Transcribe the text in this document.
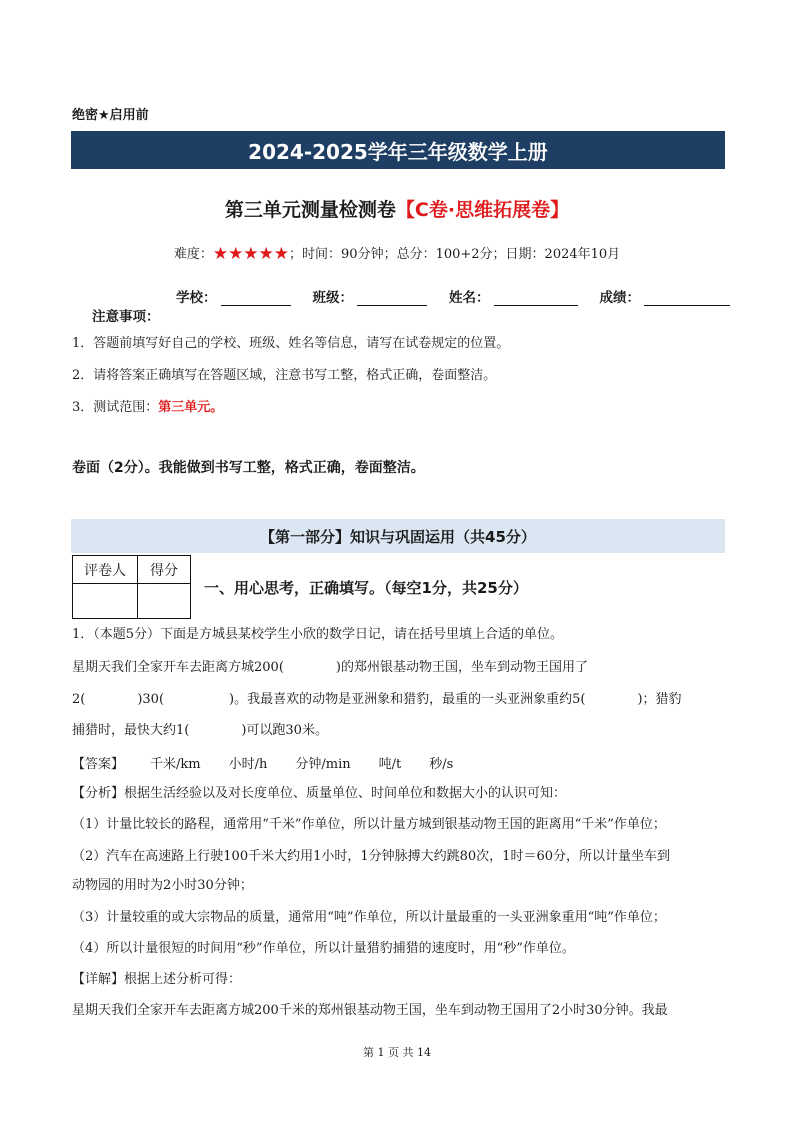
绝密★启用前
2024-2025学年三年级数学上册
第三单元测量检测卷【C卷·思维拓展卷】
难度：★★★★★；时间：90分钟；总分：100+2分；日期：2024年10月
学校：	班级：	姓名：	成绩：
注意事项：
1．答题前填写好自己的学校、班级、姓名等信息，请写在试卷规定的位置。
2．请将答案正确填写在答题区域，注意书写工整，格式正确，卷面整洁。
3．测试范围：第三单元。
卷面（2分）。我能做到书写工整，格式正确，卷面整洁。
【第一部分】知识与巩固运用（共45分）
评卷人	得分

一、用心思考，正确填写。（每空1分，共25分）
1．（本题5分）下面是方城县某校学生小欣的数学日记，请在括号里填上合适的单位。
星期天我们全家开车去距离方城200(　　　　)的郑州银基动物王国，坐车到动物王国用了
2(　　　　)30(　　　　　)。我最喜欢的动物是亚洲象和猎豹，最重的一头亚洲象重约5(　　　　)；猎豹
捕猎时，最快大约1(　　　　)可以跑30米。
【答案】 千米/km 小时/h 分钟/min 吨/t 秒/s
【分析】根据生活经验以及对长度单位、质量单位、时间单位和数据大小的认识可知：
（1）计量比较长的路程，通常用“千米”作单位，所以计量方城到银基动物王国的距离用“千米”作单位；
（2）汽车在高速路上行驶100千米大约用1小时，1分钟脉搏大约跳80次，1时＝60分，所以计量坐车到
动物园的用时为2小时30分钟；
（3）计量较重的或大宗物品的质量，通常用“吨”作单位，所以计量最重的一头亚洲象重用“吨”作单位；
（4）所以计量很短的时间用“秒”作单位，所以计量猎豹捕猎的速度时，用“秒”作单位。
【详解】根据上述分析可得：
星期天我们全家开车去距离方城200千米的郑州银基动物王国，坐车到动物王国用了2小时30分钟。我最
第 1 页 共 14
